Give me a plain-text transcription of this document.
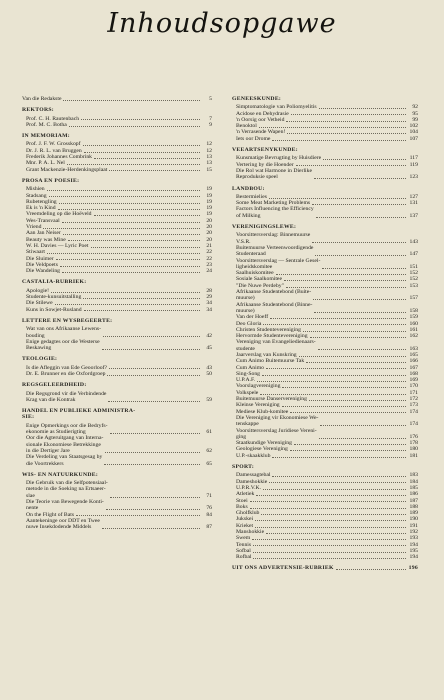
Inhoudsopgawe
Van die Redakste	5
REKTORS:
Prof. C. H. Rautenbach	7
Prof. M. C. Botha	9
IN MEMORIAM:
Prof. J. F. W. Grosskopf	12
Dr. J. R. L. van Bruggen	12
Frederik Johannes Combrink	13
Mnr. P. A. L. Nel	13
Grant Mackenzie-Herdenkingsplaat	15
PROSA EN POESIE:
Mishien	19
Stadsang	19
Rubetengling	19
Ek is 'n Kind	19
Vreemdeling op die Hoëveld	19
Wes-Transvaal	20
Vriend	20
Aan Jan Neiser	20
Beauty was Mine	20
W. H. Davies — Lyric Poet	21
Stiwaart	22
Die Sluimer	22
Die Veldpoets	23
Die Wandeling	24
CASTALIA-RUBRIEK:
Apologie!	28
Studente-kunsuitstalling	29
Die Stilewe	34
Kuns in Sowjet-Rusland	34
LETTERE EN WYSBEGEERTE:
Wat van ons Afrikaanse Lewens-
bouding	42
Enige gedagtes oor die Westerse
Beskawing	45
TEOLOGIE:
Is die Afleggin van Ede Geoorloof?	43
Dr. E. Brunner en die Oxfordgroep	50
REGSGELEERDHEID:
Die Regsgrond vir die Verbindende
Krag van die Kontrak	59
HANDEL EN PUBLIEKE ADMINISTRA-
SIE:
Enige Opmerkings oor die Bedryfs-
ekonomie as Studierigting	61
Oor die Agteruitgang van Interna-
sionale Ekonomiese Betrekkinge
in die Dertiger Jare	62
Die Verdeling van Staatsgesag by
die Voortrekkers	65
WIS- EN NATUURKUNDE:
Die Gebruik van die Selfpotensiaal-
metode in die Soeking na Ertsaeer-
slae	71
Die Teorie van Bewegende Konti-
nente	76
On the Flight of Bats	84
Aantekeninge oor DDT en Twee
nuwe Insekdodende Middels	87
GENEESKUNDE:
Simptomatologie van Poliomyelitis	92
Acidose en Dehydrasie	95
'n Oorsig oor Vetheid	99
Benoktol	102
'n Verrasende Wapen!	104
Iets oor Drome	107
VEEARTSENYKUNDE:
Kunsmatige Bevrugting by Huisdiere	117
Vertering by die Hoender	119
Die Rol wat Harmone in Dierlike
Reproduksie speel	123
LANDBOU:
Bestermielies	127
Some Meat Marketing Problems	131
Factors Influencing the Efficiency
of Milking	137
VERENIGINGSLEWE:
Voorsittersverslag: Binnemuurse
V.S.R.	143
Buitemuurse Verteenwoordigende
Studenteraad	147
Voorsittersverslag — Sentrale Gesel-
ligheidskomitee	151
Saalhuiskomitee	152
Sosiale Saalkomitee	152
"Die Nuwe Perdeby"	153
Afrikaanse Studentebond (Buite-
muurse)	157
Afrikaanse Studentebond (Binne-
muurse)	158
Van der Hoeff	159
Deo Gloria	160
Christen Studentevereniging	161
Hervormde Studentevereniging	162
Vereniging van Evangeliedienaars-
studente	163
Jaarverslag van Kunskring	165
Cum Animo Buitemuurse Tak	166
Cum Animo	167
Sing-Song	168
U.P.A.F.	169
Voorslagvereniging	170
Volkspele	171
Buitemuurse Danservereniging	172
Kleinse Vereniging	173
Mediese Klub-komitee	174
Die Vereniging vir Ekonomiese We-
tenskappe	174
Voorsittersverslag Juridiese Vereni-
ging	176
Staatkundige Vereniging	178
Geologiese Vereniging	180
U.P.-skaakklub	181
SPORT:
Damessagtebal	183
Dameshokkie	184
U.P.R.V.K.	185
Atletiek	186
Stoei	187
Boks	188
Gholfklub	189
Jukskei	190
Krieket	191
Manshokkie	192
Swem	193
Tennis	194
Sofbal	195
Rofbal	194
UIT ONS ADVERTENSIE-RUBRIEK	196
